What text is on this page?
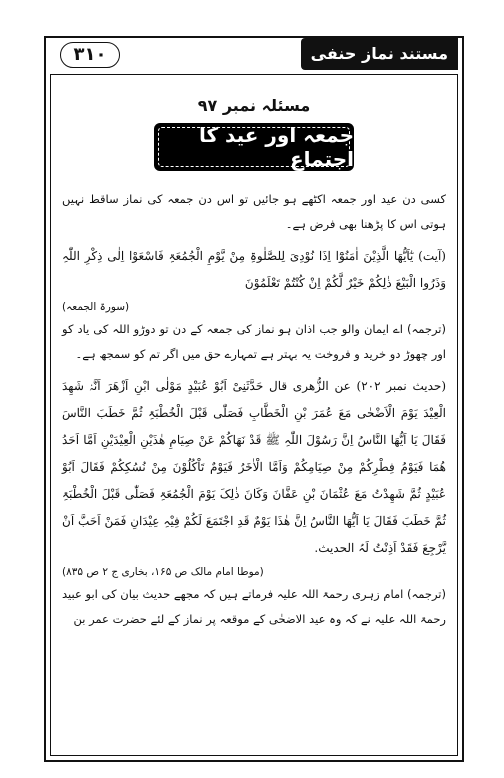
۳۱۰	مستند نماز حنفی
مسئلہ نمبر ۹۷
جمعہ اور عید کا اجتماع

کسی دن عید اور جمعہ اکٹھے ہو جائیں تو اس دن جمعہ کی نماز ساقط نہیں ہوتی اس کا پڑھنا بھی فرض ہے۔

(آیت) یٰٓاَیُّھَا الَّذِیْنَ اٰمَنُوْٓا اِذَا نُوْدِیَ لِلصَّلٰوۃِ مِنْ یَّوْمِ الْجُمُعَۃِ فَاسْعَوْا اِلٰی ذِکْرِ اللّٰہِ وَذَرُوا الْبَیْعَ ذٰلِکُمْ خَیْرٌ لَّکُمْ اِنْ کُنْتُمْ تَعْلَمُوْنَ

(سورۃ الجمعہ)

(ترجمہ) اے ایمان والو جب اذان ہو نماز کی جمعہ کے دن تو دوڑو اللہ کی یاد کو اور چھوڑ دو خرید و فروخت یہ بہتر ہے تمہارے حق میں اگر تم کو سمجھ ہے۔

(حدیث نمبر ۲۰۲) عن الزُّھری قال حَدَّثَنِیْ اَبُوْ عُبَیْدٍ مَوْلٰی ابْنِ اَزْھَرَ اَنَّہٗ شَھِدَ الْعِیْدَ یَوْمَ الْاَضْحٰی مَعَ عُمَرَ بْنِ الْخَطَّابِ فَصَلّٰی قَبْلَ الْخُطْبَۃِ ثُمَّ خَطَبَ النَّاسَ فَقَالَ یَا اَیُّھَا النَّاسُ اِنَّ رَسُوْلَ اللّٰہِ ﷺ قَدْ نَھَاکُمْ عَنْ صِیَامِ ھٰذَیْنِ الْعِیْدَیْنِ اَمَّا اَحَدُ ھُمَا فَیَوْمُ فِطْرِکُمْ مِنْ صِیَامِکُمْ وَاَمَّا الْاٰخَرُ فَیَوْمٌ تَاْکُلُوْنَ مِنْ نُسُکِکُمْ فَقَالَ اَبُوْ عُبَیْدٍ ثُمَّ شَھِدْتُ مَعَ عُثْمَانَ بْنِ عَفَّانَ وَکَانَ ذٰلِکَ یَوْمَ الْجُمُعَۃِ فَصَلّٰی قَبْلَ الْخُطْبَۃِ ثُمَّ خَطَبَ فَقَالَ یَا اَیُّھَا النَّاسُ اِنَّ ھٰذَا یَوْمٌ قَدِ اجْتَمَعَ لَکُمْ فِیْہِ عِیْدَانِ فَمَنْ اَحَبَّ اَنْ یَّرْجِعَ فَقَدْ اَذِنْتُ لَہُ الحدیث.

(موطا امام مالک ص ۱۶۵، بخاری ج ۲ ص ۸۳۵)

(ترجمہ) امام زہری رحمۃ اللہ علیہ فرماتے ہیں کہ مجھے حدیث بیان کی ابو عبید رحمۃ اللہ علیہ نے کہ وہ عید الاضحٰی کے موقعہ پر نماز کے لئے حضرت عمر بن
